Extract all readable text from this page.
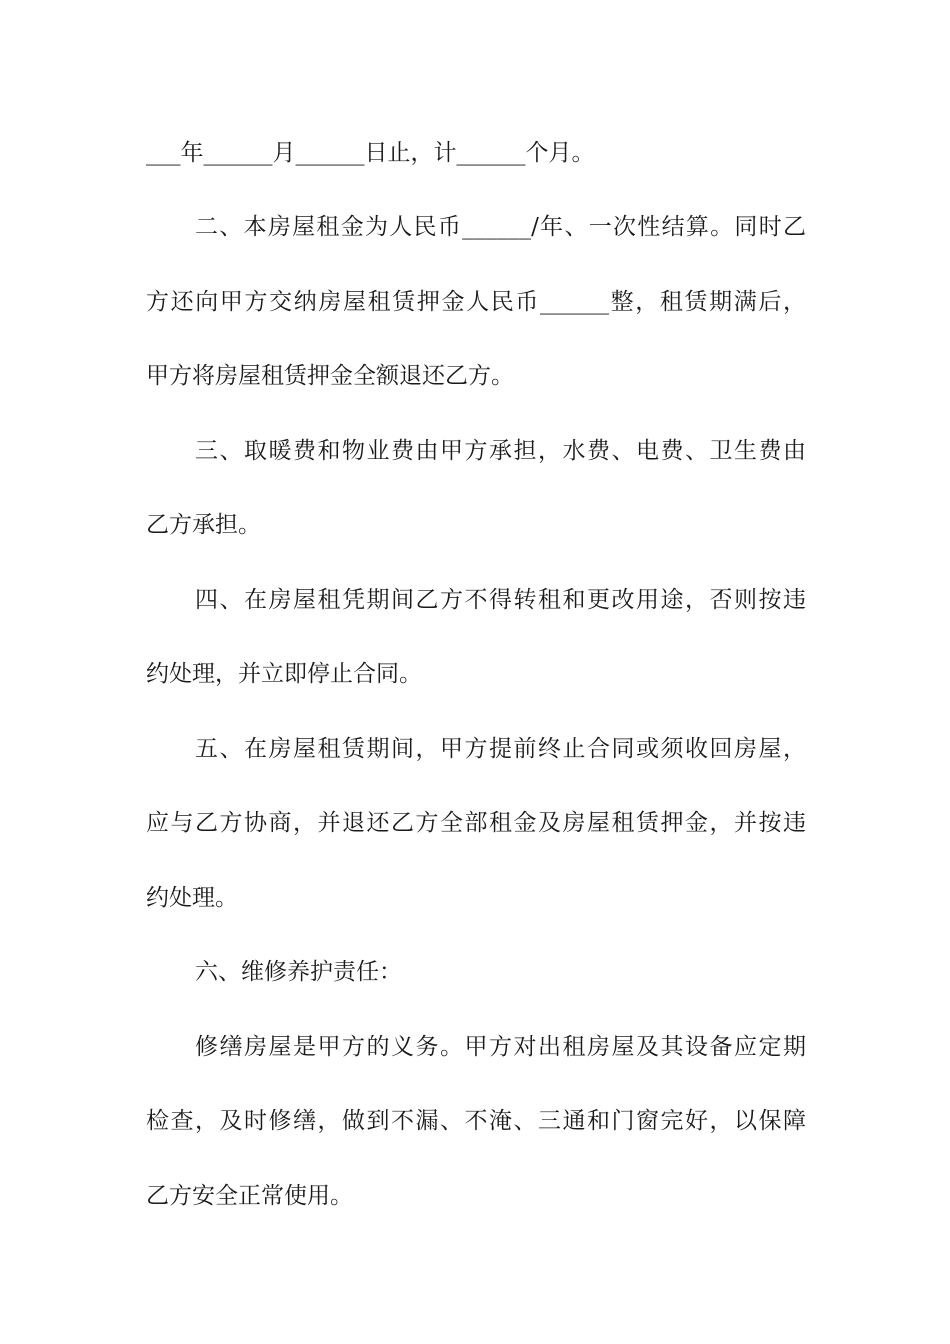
___年______月______日止，计______个月。
二、本房屋租金为人民币______/年、一次性结算。同时乙
方还向甲方交纳房屋租赁押金人民币______整，租赁期满后，
甲方将房屋租赁押金全额退还乙方。
三、取暖费和物业费由甲方承担，水费、电费、卫生费由
乙方承担。
四、在房屋租凭期间乙方不得转租和更改用途，否则按违
约处理，并立即停止合同。
五、在房屋租赁期间，甲方提前终止合同或须收回房屋，
应与乙方协商，并退还乙方全部租金及房屋租赁押金，并按违
约处理。
六、维修养护责任：
修缮房屋是甲方的义务。甲方对出租房屋及其设备应定期
检查，及时修缮，做到不漏、不淹、三通和门窗完好，以保障
乙方安全正常使用。
